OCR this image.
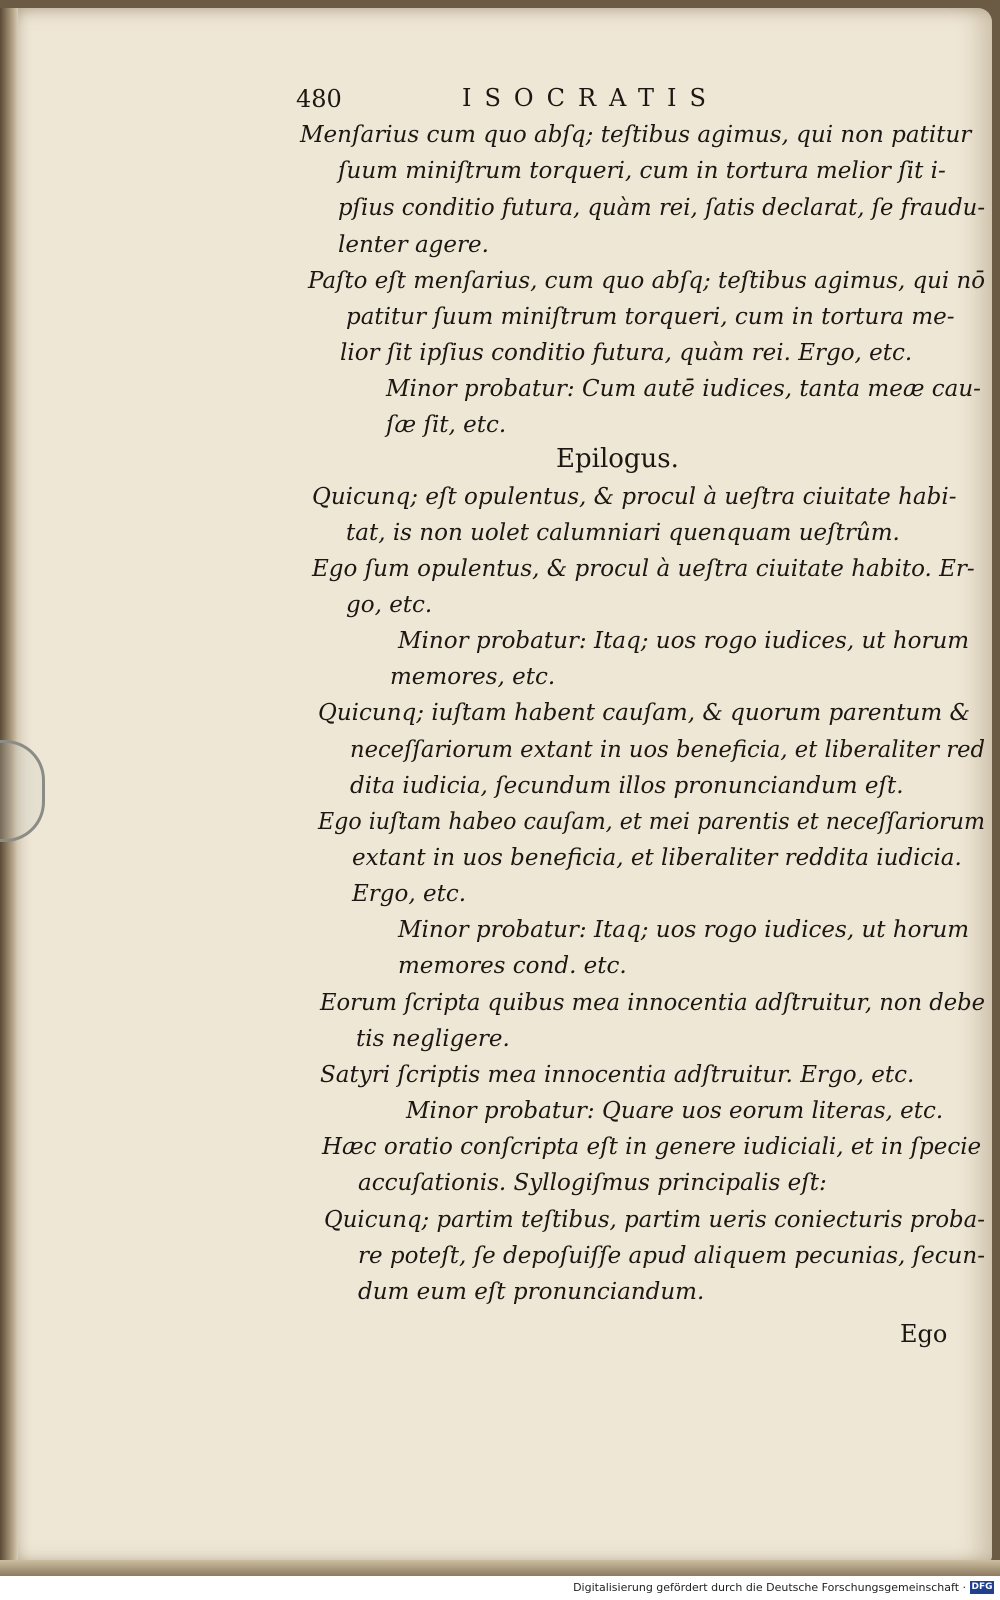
480	ISOCRATIS
Menſarius cum quo abſq; teſtibus agimus, qui non patitur
ſuum miniſtrum torqueri, cum in tortura melior ſit i-
pſius conditio futura, quàm rei, ſatis declarat, ſe fraudu-
lenter agere.
Paſto eſt menſarius, cum quo abſq; teſtibus agimus, qui nō
patitur ſuum miniſtrum torqueri, cum in tortura me-
lior ſit ipſius conditio futura, quàm rei. Ergo, etc.
Minor probatur: Cum autē iudices, tanta meæ cau-
ſæ ſit, etc.
Epilogus.
Quicunq; eſt opulentus, & procul à ueſtra ciuitate habi-
tat, is non uolet calumniari quenquam ueſtrûm.
Ego ſum opulentus, & procul à ueſtra ciuitate habito. Er-
go, etc.
Minor probatur: Itaq; uos rogo iudices, ut horum
memores, etc.
Quicunq; iuſtam habent cauſam, & quorum parentum &
neceſſariorum extant in uos beneficia, et liberaliter red
dita iudicia, ſecundum illos pronunciandum eſt.
Ego iuſtam habeo cauſam, et mei parentis et neceſſariorum
extant in uos beneficia, et liberaliter reddita iudicia.
Ergo, etc.
Minor probatur: Itaq; uos rogo iudices, ut horum
memores cond. etc.
Eorum ſcripta quibus mea innocentia adſtruitur, non debe
tis negligere.
Satyri ſcriptis mea innocentia adſtruitur. Ergo, etc.
Minor probatur: Quare uos eorum literas, etc.
Hæc oratio conſcripta eſt in genere iudiciali, et in ſpecie
accuſationis. Syllogiſmus principalis eſt:
Quicunq; partim teſtibus, partim ueris coniecturis proba-
re poteſt, ſe depoſuiſſe apud aliquem pecunias, ſecun-
dum eum eſt pronunciandum.
Ego
Digitalisierung gefördert durch die Deutsche Forschungsgemeinschaft · DFG
